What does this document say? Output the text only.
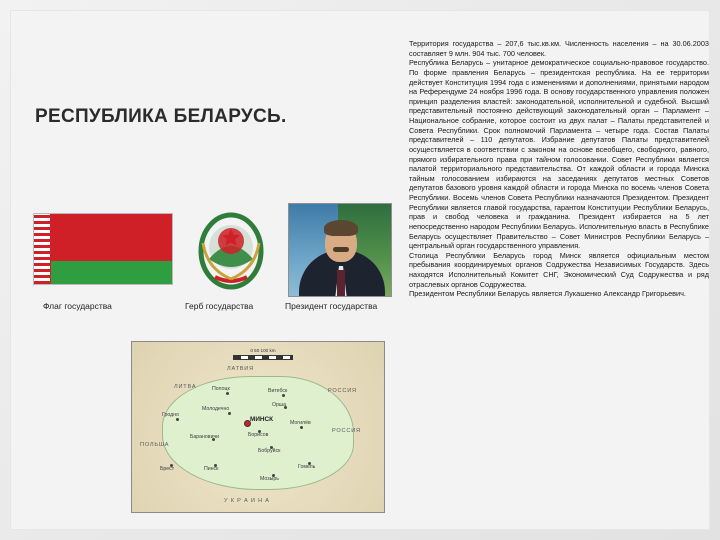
РЕСПУБЛИКА БЕЛАРУСЬ.

Территория государства – 207,6 тыс.кв.км. Численность населения – на 30.06.2003 составляет 9 млн. 904 тыс. 700 человек.

Республика Беларусь – унитарное демократическое социально-правовое государство. По форме правления Беларусь – президентская республика. На ее территории действует Конституция 1994 года с изменениями и дополнениями, принятыми народом на Референдуме 24 ноября 1996 года. В основу государственного управления положен принцип разделения властей: законодательной, исполнительной и судебной. Высший представительный постоянно действующий законодательный орган – Парламент – Национальное собрание, которое состоит из двух палат – Палаты представителей и Совета Республики. Срок полномочий Парламента – четыре года. Состав Палаты представителей – 110 депутатов. Избрание депутатов Палаты представителей осуществляется в соответствии с законом на основе всеобщего, свободного, равного, прямого избирательного права при тайном голосовании. Совет Республики является палатой территориального представительства. От каждой области и города Минска тайным голосованием избираются на заседаниях депутатов местных Советов депутатов базового уровня каждой области и города Минска по восемь членов Совета Республики. Восемь членов Совета Республики назначаются Президентом. Президент Республики является главой государства, гарантом Конституции Республики Беларусь, прав и свобод человека и гражданина. Президент избирается на 5 лет непосредственно народом Республики Беларусь. Исполнительную власть в Республике Беларусь осуществляет Правительство – Совет Министров Республики Беларусь – центральный орган государственного управления.

Столица Республики Беларусь город Минск является официальным местом пребывания координируемых органов Содружества Независимых Государств. Здесь находятся Исполнительный Комитет СНГ, Экономический Суд Содружества и ряд отраслевых органов Содружества.

Президентом Республики Беларусь является Лукашенко Александр Григорьевич.

Флаг государства	Герб государства	Президент государства
0 50 100 km
ЛАТВИЯ
ЛИТВА
РОССИЯ
РОССИЯ
ПОЛЬША
У К Р А И Н А
МИНСК
Полоцк	Витебск
Орша
Молодечно
Борисов
Могилёв
Бобруйск
Гродно
Барановичи
Брест	Пинск	Гомель
Мозырь
